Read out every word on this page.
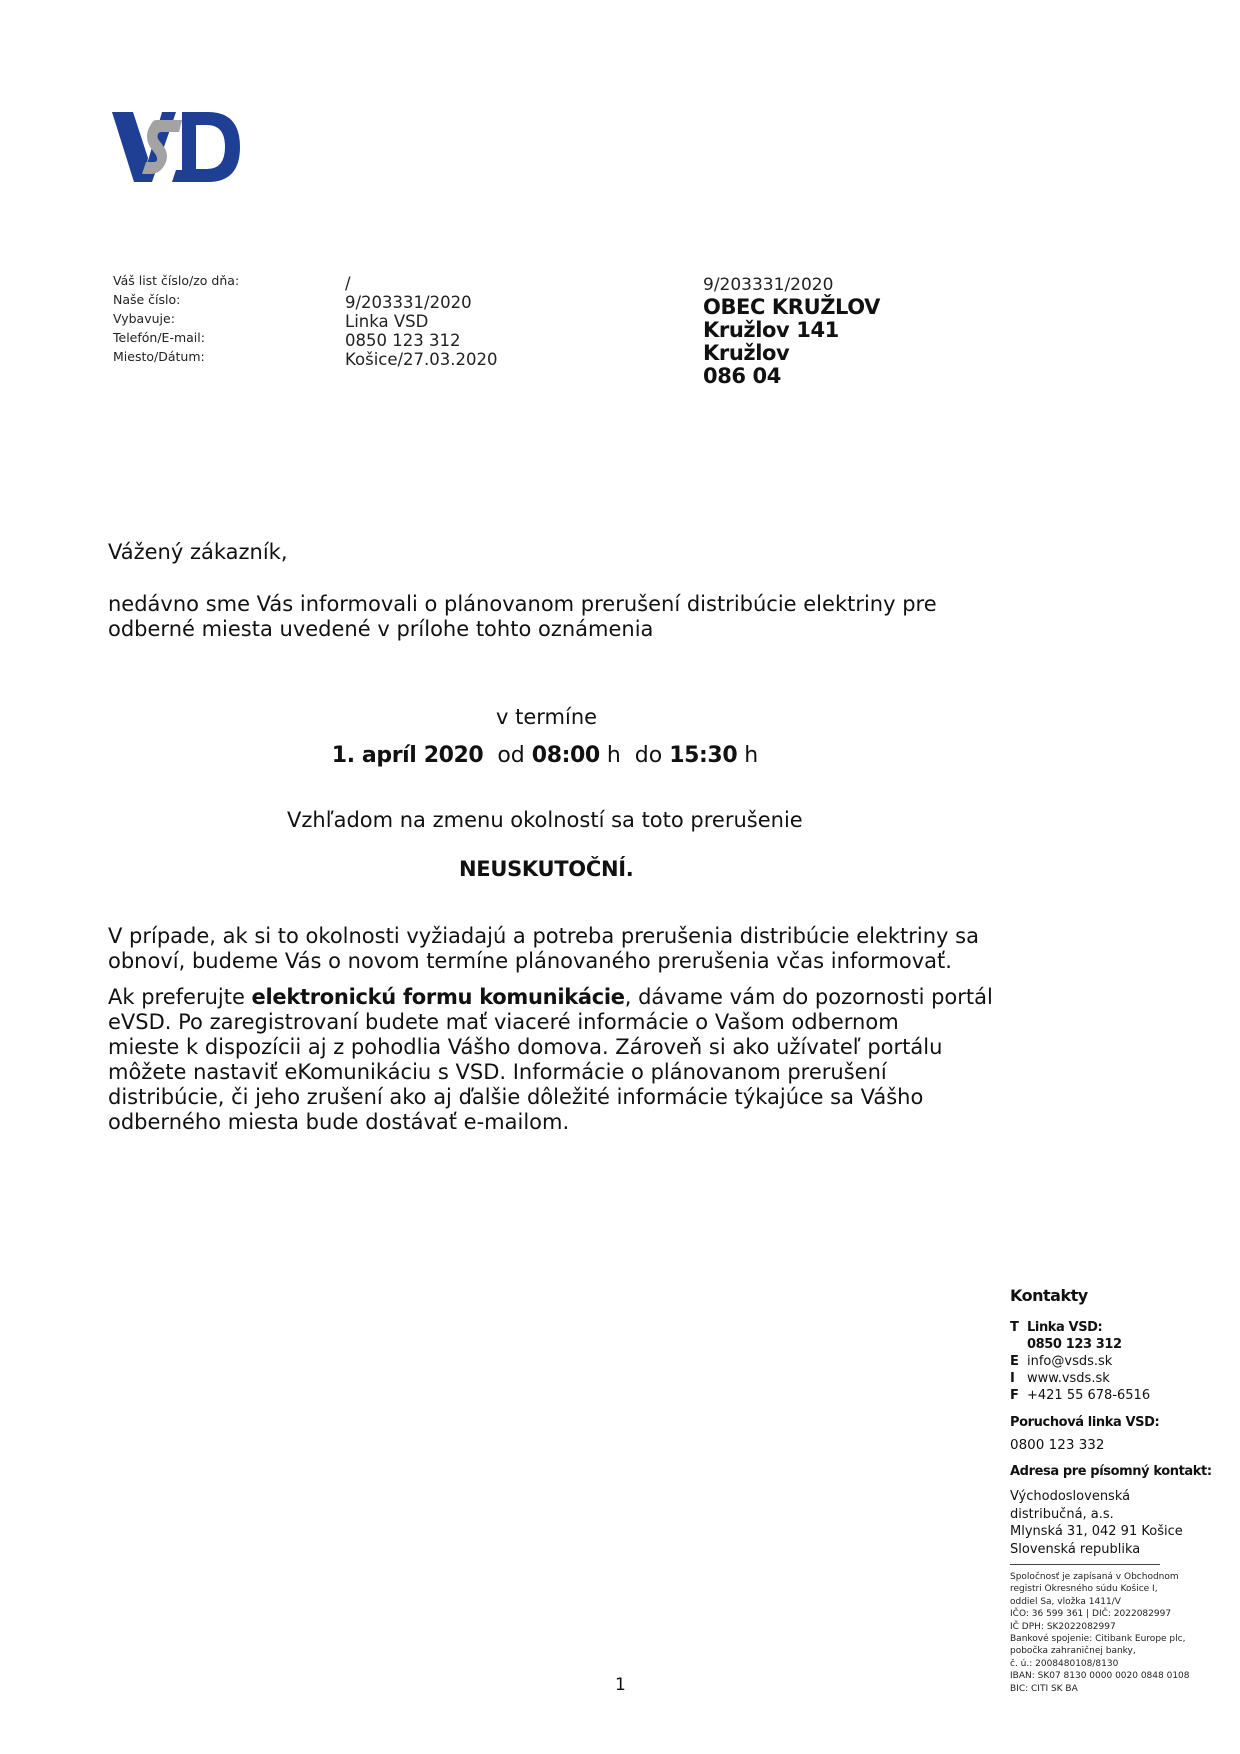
Váš list číslo/zo dňa:
Naše číslo:
Vybavuje:
Telefón/E-mail:
Miesto/Dátum:
/
9/203331/2020
Linka VSD
0850 123 312
Košice/27.03.2020
9/203331/2020
OBEC KRUŽLOV
Kružlov 141
Kružlov
086 04
Vážený zákazník,
nedávno sme Vás informovali o plánovanom prerušení distribúcie elektriny pre
odberné miesta uvedené v prílohe tohto oznámenia
v termíne
1. apríl 2020 od 08:00 h do 15:30 h
Vzhľadom na zmenu okolností sa toto prerušenie
NEUSKUTOČNÍ.
V prípade, ak si to okolnosti vyžiadajú a potreba prerušenia distribúcie elektriny sa
obnoví, budeme Vás o novom termíne plánovaného prerušenia včas informovať.
Ak preferujte elektronickú formu komunikácie, dávame vám do pozornosti portál
eVSD. Po zaregistrovaní budete mať viaceré informácie o Vašom odbernom
mieste k dispozícii aj z pohodlia Vášho domova. Zároveň si ako užívateľ portálu
môžete nastaviť eKomunikáciu s VSD. Informácie o plánovanom prerušení
distribúcie, či jeho zrušení ako aj ďalšie dôležité informácie týkajúce sa Vášho
odberného miesta bude dostávať e-mailom.
Kontakty
T Linka VSD:
0850 123 312
E info@vsds.sk
I www.vsds.sk
F +421 55 678-6516
Poruchová linka VSD:
0800 123 332
Adresa pre písomný kontakt:
Východoslovenská
distribučná, a.s.
Mlynská 31, 042 91 Košice
Slovenská republika
Spoločnosť je zapísaná v Obchodnom
registri Okresného súdu Košice I,
oddiel Sa, vložka 1411/V
IČO: 36 599 361 | DIČ: 2022082997
IČ DPH: SK2022082997
Bankové spojenie: Citibank Europe plc,
pobočka zahraničnej banky,
č. ú.: 2008480108/8130
IBAN: SK07 8130 0000 0020 0848 0108
BIC: CITI SK BA
1
